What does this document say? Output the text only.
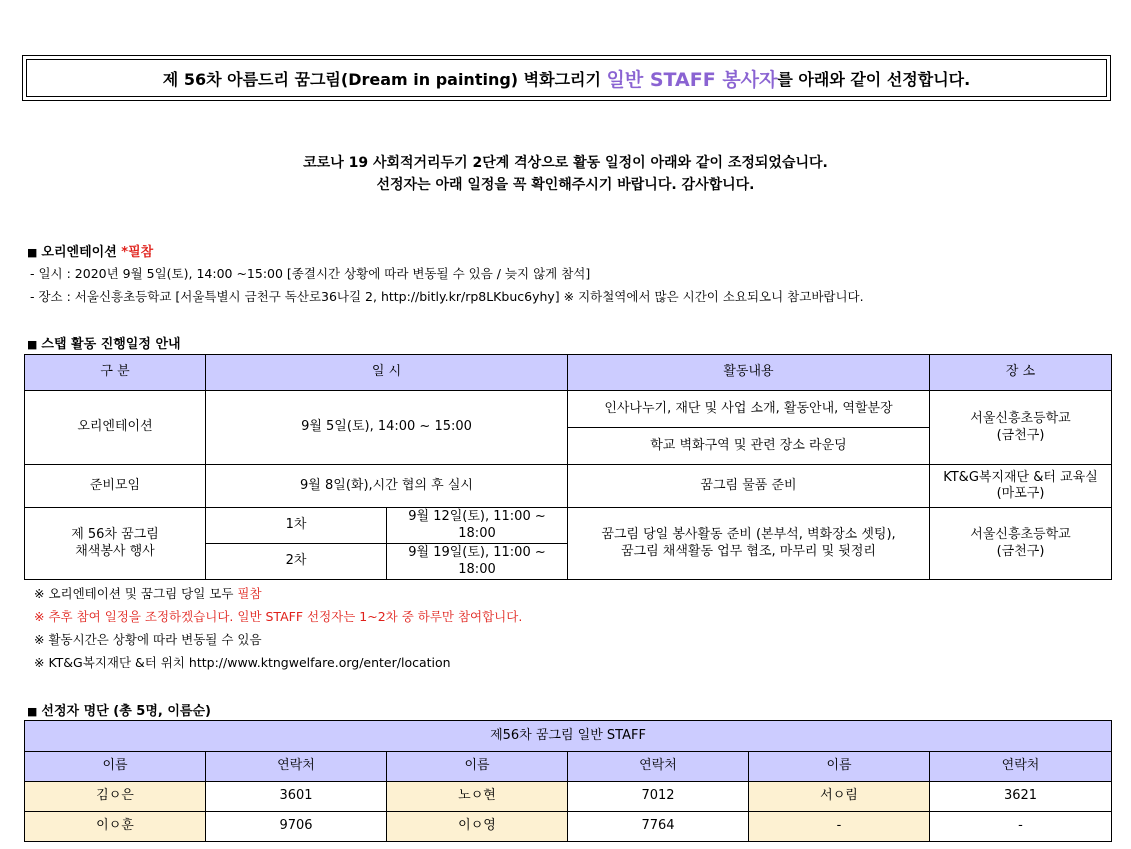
제 56차 아름드리 꿈그림(Dream in painting) 벽화그리기
일반 STAFF 봉사자 를 아래와 같이 선정합니다.
코로나 19 사회적거리두기 2단계 격상으로 활동 일정이 아래와 같이 조정되었습니다.
선정자는 아래 일정을 꼭 확인해주시기 바랍니다. 감사합니다.
■ 오리엔테이션 *필참
- 일시 : 2020년 9월 5일(토), 14:00 ~15:00 [종결시간 상황에 따라 변동될 수 있음 / 늦지 않게 참석]
- 장소 : 서울신흥초등학교 [서울특별시 금천구 독산로36나길 2, http://bitly.kr/rp8LKbuc6yhy] ※ 지하철역에서 많은 시간이 소요되오니 참고바랍니다.
■ 스탭 활동 진행일정 안내
구 분	일 시		활동내용	장 소
오리엔테이션	9월 5일(토), 14:00 ~ 15:00		인사나누기, 재단 및 사업 소개, 활동안내, 역할분장	서울신흥초등학교
(금천구)
			학교 벽화구역 및 관련 장소 라운딩	
준비모임	9월 8일(화),시간 협의 후 실시		꿈그림 물품 준비	KT&G복지재단 &터 교육실
(마포구)
제 56차 꿈그림
채색봉사 행사	1차	9월 12일(토), 11:00 ~ 18:00	꿈그림 당일 봉사활동 준비 (본부석, 벽화장소 셋팅),
꿈그림 채색활동 업무 협조, 마무리 및 뒷정리	서울신흥초등학교
(금천구)
	2차	9월 19일(토), 11:00 ~ 18:00		
※ 오리엔테이션 및 꿈그림 당일 모두 필참
※ 추후 참여 일정을 조정하겠습니다. 일반 STAFF 선정자는 1~2차 중 하루만 참여합니다.
※ 활동시간은 상황에 따라 변동될 수 있음
※ KT&G복지재단 &터 위치 http://www.ktngwelfare.org/enter/location
■ 선정자 명단 (총 5명, 이름순)
제56차 꿈그림 일반 STAFF					
이름	연락처	이름	연락처	이름	연락처
김ㅇ은	3601	노ㅇ현	7012	서ㅇ림	3621
이ㅇ훈	9706	이ㅇ영	7764	-	-
